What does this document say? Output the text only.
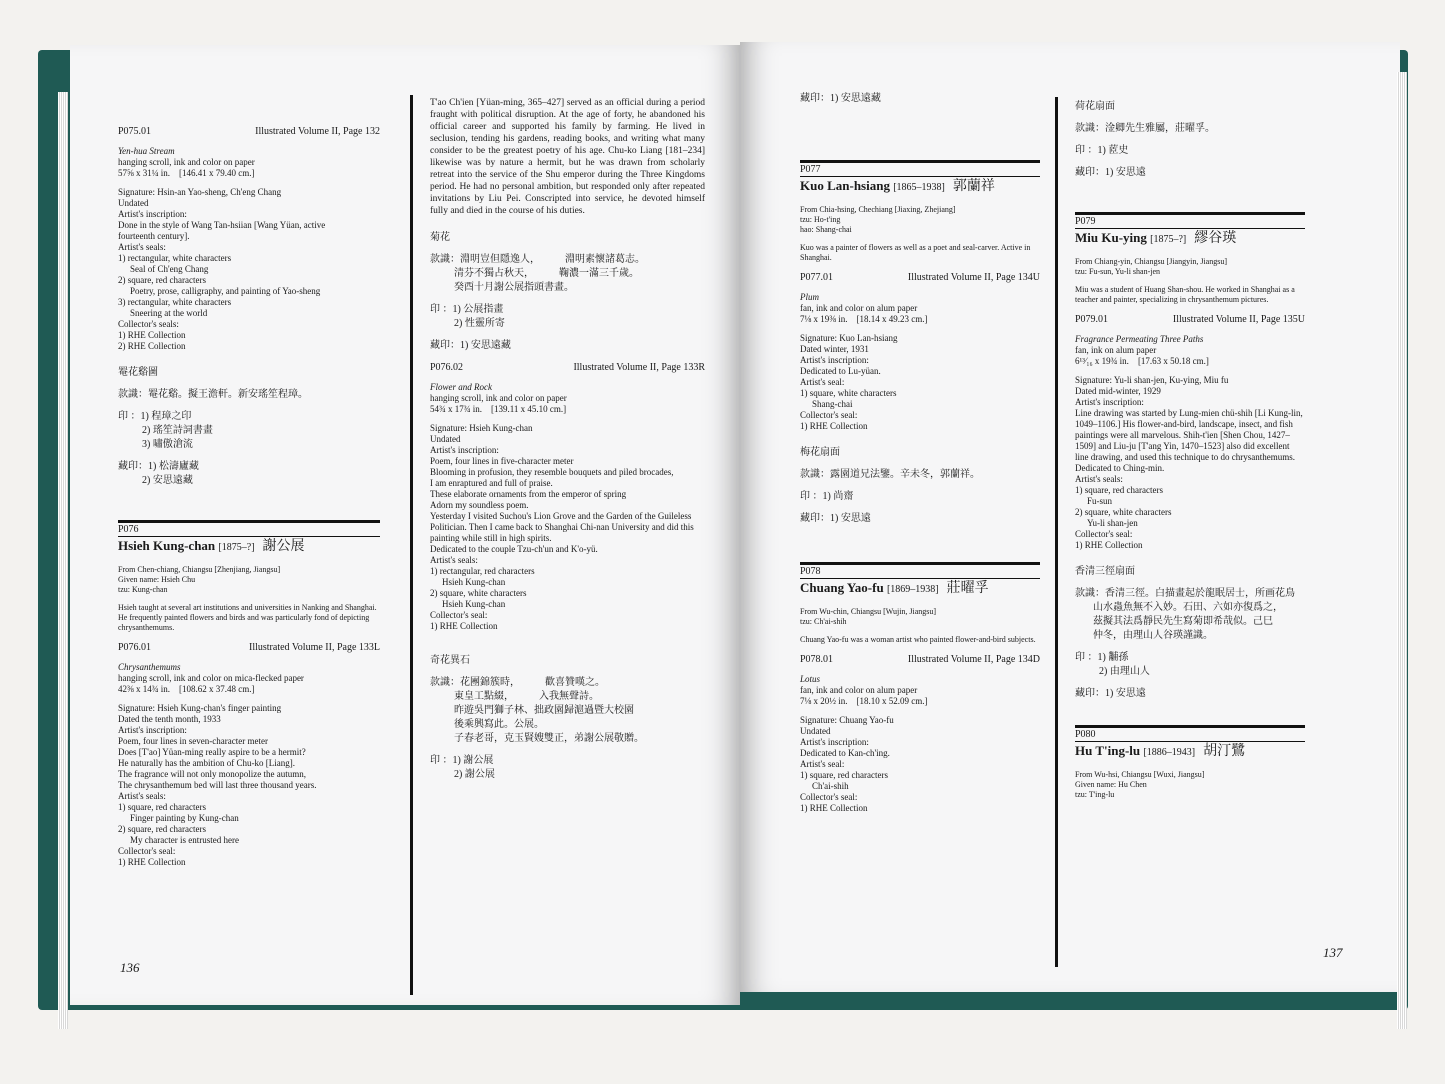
P075.01	Illustrated Volume II, Page 132
Yen-hua Stream
hanging scroll, ink and color on paper
57⅝ x 31¼ in. [146.41 x 79.40 cm.]
Signature: Hsin-an Yao-sheng, Ch'eng Chang
Undated
Artist's inscription:
Done in the style of Wang Tan-hsiian [Wang Yüan, active
fourteenth century].
Artist's seals:
1) rectangular, white characters
Seal of Ch'eng Chang
2) square, red characters
Poetry, prose, calligraphy, and painting of Yao-sheng
3) rectangular, white characters
Sneering at the world
Collector's seals:
1) RHE Collection
2) RHE Collection
罨花谿圖
款識：罨花谿。擬王澹軒。新安瑤笙程璋。
印 ：1) 程璋之印
2) 瑤笙詩詞書畫
3) 嘯傲滄流
藏印：1) 松濤廬藏
2) 安思遠藏
P076
Hsieh Kung-chan [1875–?] 謝公展
From Chen-chiang, Chiangsu [Zhenjiang, Jiangsu]
Given name: Hsieh Chu
tzu: Kung-chan
Hsieh taught at several art institutions and universities in Nanking and Shanghai. He frequently painted flowers and birds and was particularly fond of depicting chrysanthemums.
P076.01	Illustrated Volume II, Page 133L
Chrysanthemums
hanging scroll, ink and color on mica-flecked paper
42⅜ x 14¾ in. [108.62 x 37.48 cm.]
Signature: Hsieh Kung-chan's finger painting
Dated the tenth month, 1933
Artist's inscription:
Poem, four lines in seven-character meter
Does [T'ao] Yüan-ming really aspire to be a hermit?
He naturally has the ambition of Chu-ko [Liang].
The fragrance will not only monopolize the autumn,
The chrysanthemum bed will last three thousand years.
Artist's seals:
1) square, red characters
Finger painting by Kung-chan
2) square, red characters
My character is entrusted here
Collector's seal:
1) RHE Collection
T'ao Ch'ien [Yüan-ming, 365–427] served as an official during a period fraught with political disruption. At the age of forty, he abandoned his official career and supported his family by farming. He lived in seclusion, tending his gardens, reading books, and writing what many consider to be the greatest poetry of his age. Chu-ko Liang [181–234] likewise was by nature a hermit, but he was drawn from scholarly retreat into the service of the Shu emperor during the Three Kingdoms period. He had no personal ambition, but responded only after repeated invitations by Liu Pei. Conscripted into service, he devoted himself fully and died in the course of his duties.
菊花
款識：淵明豈但隱逸人，　　　淵明素懷諸葛志。
清芬不獨占秋天，　　　鞠濃一滿三千歲。
癸酉十月謝公展指頭書畫。
印 ：1) 公展指畫
2) 性靈所寄
藏印：1) 安思遠藏
P076.02	Illustrated Volume II, Page 133R
Flower and Rock
hanging scroll, ink and color on paper
54¾ x 17¾ in. [139.11 x 45.10 cm.]
Signature: Hsieh Kung-chan
Undated
Artist's inscription:
Poem, four lines in five-character meter
Blooming in profusion, they resemble bouquets and piled brocades,
I am enraptured and full of praise.
These elaborate ornaments from the emperor of spring
Adorn my soundless poem.
Yesterday I visited Suchou's Lion Grove and the Garden of the Guileless Politician. Then I came back to Shanghai Chi-nan University and did this painting while still in high spirits.
Dedicated to the couple Tzu-ch'un and K'o-yü.
Artist's seals:
1) rectangular, red characters
Hsieh Kung-chan
2) square, white characters
Hsieh Kung-chan
Collector's seal:
1) RHE Collection
奇花異石
款識：花團錦簇時，　　　歡喜贊嘆之。
東皇工點綴，　　　入我無聲詩。
昨遊吳門獅子林、拙政園歸滬過暨大校園
後乘興寫此。公展。
子春老哥，克玉賢嫂雙正，弟謝公展敬贈。
印 ：1) 謝公展
2) 謝公展
136
藏印：1) 安思遠藏
P077
Kuo Lan-hsiang [1865–1938] 郭蘭祥
From Chia-hsing, Chechiang [Jiaxing, Zhejiang]
tzu: Ho-t'ing
hao: Shang-chai
Kuo was a painter of flowers as well as a poet and seal-carver. Active in Shanghai.
P077.01	Illustrated Volume II, Page 134U
Plum
fan, ink and color on alum paper
7⅛ x 19⅜ in. [18.14 x 49.23 cm.]
Signature: Kuo Lan-hsiang
Dated winter, 1931
Artist's inscription:
Dedicated to Lu-yüan.
Artist's seal:
1) square, white characters
Shang-chai
Collector's seal:
1) RHE Collection
梅花扇面
款識：露園道兄法鑒。辛未冬，郭蘭祥。
印 ：1) 尚齋
藏印：1) 安思遠
P078
Chuang Yao-fu [1869–1938] 莊曜孚
From Wu-chin, Chiangsu [Wujin, Jiangsu]
tzu: Ch'ai-shih
Chuang Yao-fu was a woman artist who painted flower-and-bird subjects.
P078.01	Illustrated Volume II, Page 134D
Lotus
fan, ink and color on alum paper
7⅛ x 20½ in. [18.10 x 52.09 cm.]
Signature: Chuang Yao-fu
Undated
Artist's inscription:
Dedicated to Kan-ch'ing.
Artist's seal:
1) square, red characters
Ch'ai-shih
Collector's seal:
1) RHE Collection
荷花扇面
款識：淦卿先生雅屬，莊曜孚。
印 ：1) 茝史
藏印：1) 安思遠
P079
Miu Ku-ying [1875–?] 繆谷瑛
From Chiang-yin, Chiangsu [Jiangyin, Jiangsu]
tzu: Fu-sun, Yu-li shan-jen
Miu was a student of Huang Shan-shou. He worked in Shanghai as a teacher and painter, specializing in chrysanthemum pictures.
P079.01	Illustrated Volume II, Page 135U
Fragrance Permeating Three Paths
fan, ink on alum paper
6¹³⁄₁₆ x 19¾ in. [17.63 x 50.18 cm.]
Signature: Yu-li shan-jen, Ku-ying, Miu fu
Dated mid-winter, 1929
Artist's inscription:
Line drawing was started by Lung-mien chü-shih [Li Kung-lin, 1049–1106.] His flower-and-bird, landscape, insect, and fish paintings were all marvelous. Shih-t'ien [Shen Chou, 1427–1509] and Liu-ju [T'ang Yin, 1470–1523] also did excellent line drawing, and used this technique to do chrysanthemums.
Dedicated to Ching-min.
Artist's seals:
1) square, red characters
Fu-sun
2) square, white characters
Yu-li shan-jen
Collector's seal:
1) RHE Collection
香清三徑扇面
款識：香清三徑。白描畫起於龍眠居士，所画花鳥
山水蟲魚無不入妙。石田、六如亦復爲之，
茲擬其法爲靜民先生寫菊即希哉似。己巳
仲冬，由理山人谷瑛謹識。
印 ：1) 黼孫
2) 由理山人
藏印：1) 安思遠
P080
Hu T'ing-lu [1886–1943] 胡汀鷺
From Wu-hsi, Chiangsu [Wuxi, Jiangsu]
Given name: Hu Chen
tzu: T'ing-lu
137
